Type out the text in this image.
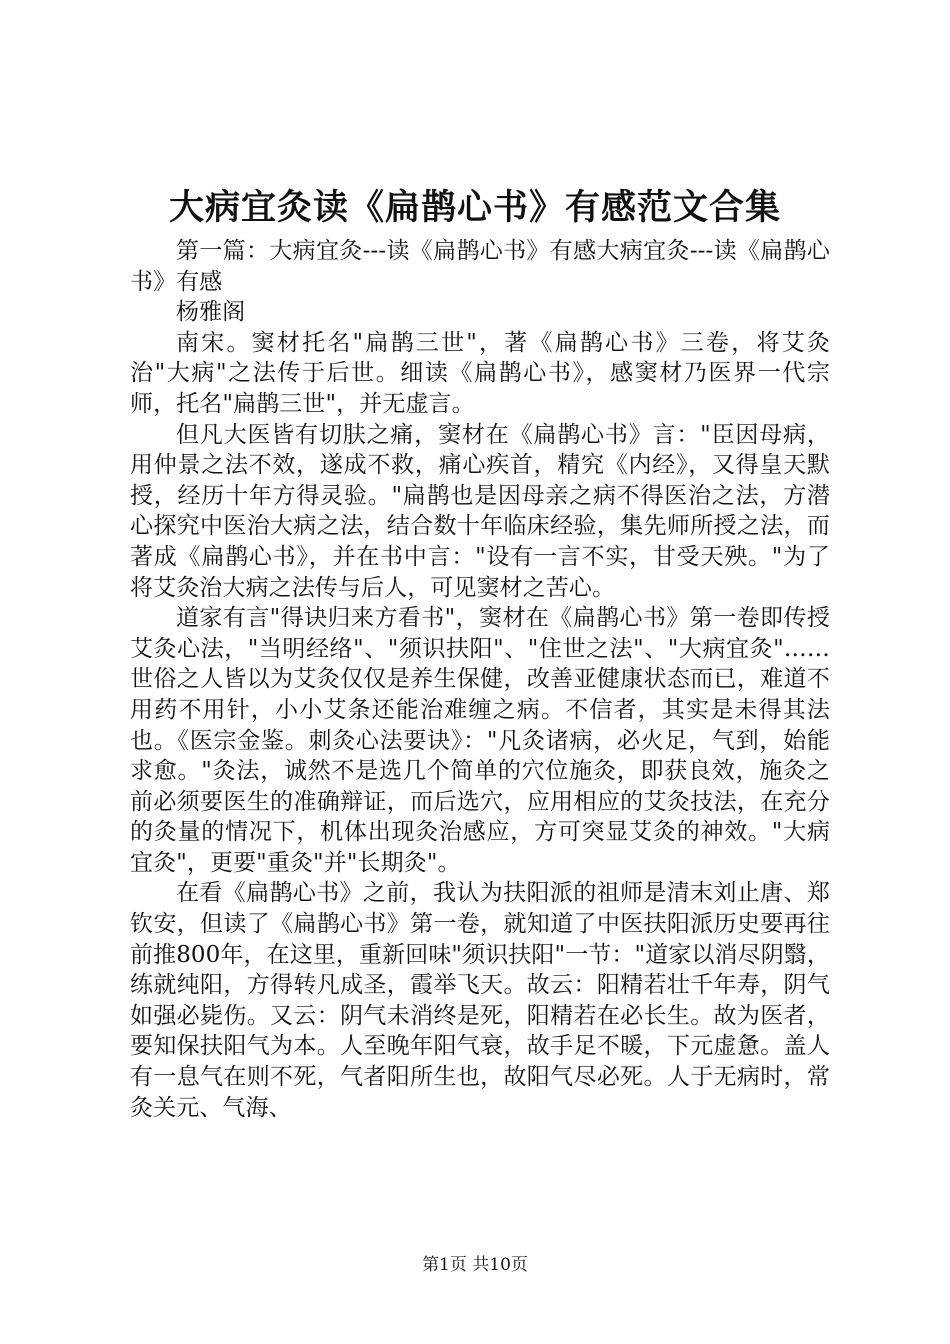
大病宜灸读《扁鹊心书》有感范文合集

第一篇：大病宜灸---读《扁鹊心书》有感大病宜灸---读《扁鹊心书》有感

杨雅阁

南宋。窦材托名"扁鹊三世"，著《扁鹊心书》三卷，将艾灸治"大病"之法传于后世。细读《扁鹊心书》，感窦材乃医界一代宗师，托名"扁鹊三世"，并无虚言。

但凡大医皆有切肤之痛，窦材在《扁鹊心书》言："臣因母病，用仲景之法不效，遂成不救，痛心疾首，精究《内经》，又得皇天默授，经历十年方得灵验。"扁鹊也是因母亲之病不得医治之法，方潜心探究中医治大病之法，结合数十年临床经验，集先师所授之法，而著成《扁鹊心书》，并在书中言："设有一言不实，甘受天殃。"为了将艾灸治大病之法传与后人，可见窦材之苦心。

道家有言"得诀归来方看书"，窦材在《扁鹊心书》第一卷即传授艾灸心法，"当明经络"、"须识扶阳"、"住世之法"、"大病宜灸"……世俗之人皆以为艾灸仅仅是养生保健，改善亚健康状态而已，难道不用药不用针，小小艾条还能治难缠之病。不信者，其实是未得其法也。《医宗金鉴。刺灸心法要诀》："凡灸诸病，必火足，气到，始能求愈。"灸法，诚然不是选几个简单的穴位施灸，即获良效，施灸之前必须要医生的准确辩证，而后选穴，应用相应的艾灸技法，在充分的灸量的情况下，机体出现灸治感应，方可突显艾灸的神效。"大病宜灸"，更要"重灸"并"长期灸"。

在看《扁鹊心书》之前，我认为扶阳派的祖师是清末刘止唐、郑钦安，但读了《扁鹊心书》第一卷，就知道了中医扶阳派历史要再往前推800年，在这里，重新回味"须识扶阳"一节："道家以消尽阴翳，练就纯阳，方得转凡成圣，霞举飞天。故云：阳精若壮千年寿，阴气如强必毙伤。又云：阴气未消终是死，阳精若在必长生。故为医者，要知保扶阳气为本。人至晚年阳气衰，故手足不暖，下元虚惫。盖人有一息气在则不死，气者阳所生也，故阳气尽必死。人于无病时，常灸关元、气海、

第1页 共10页
